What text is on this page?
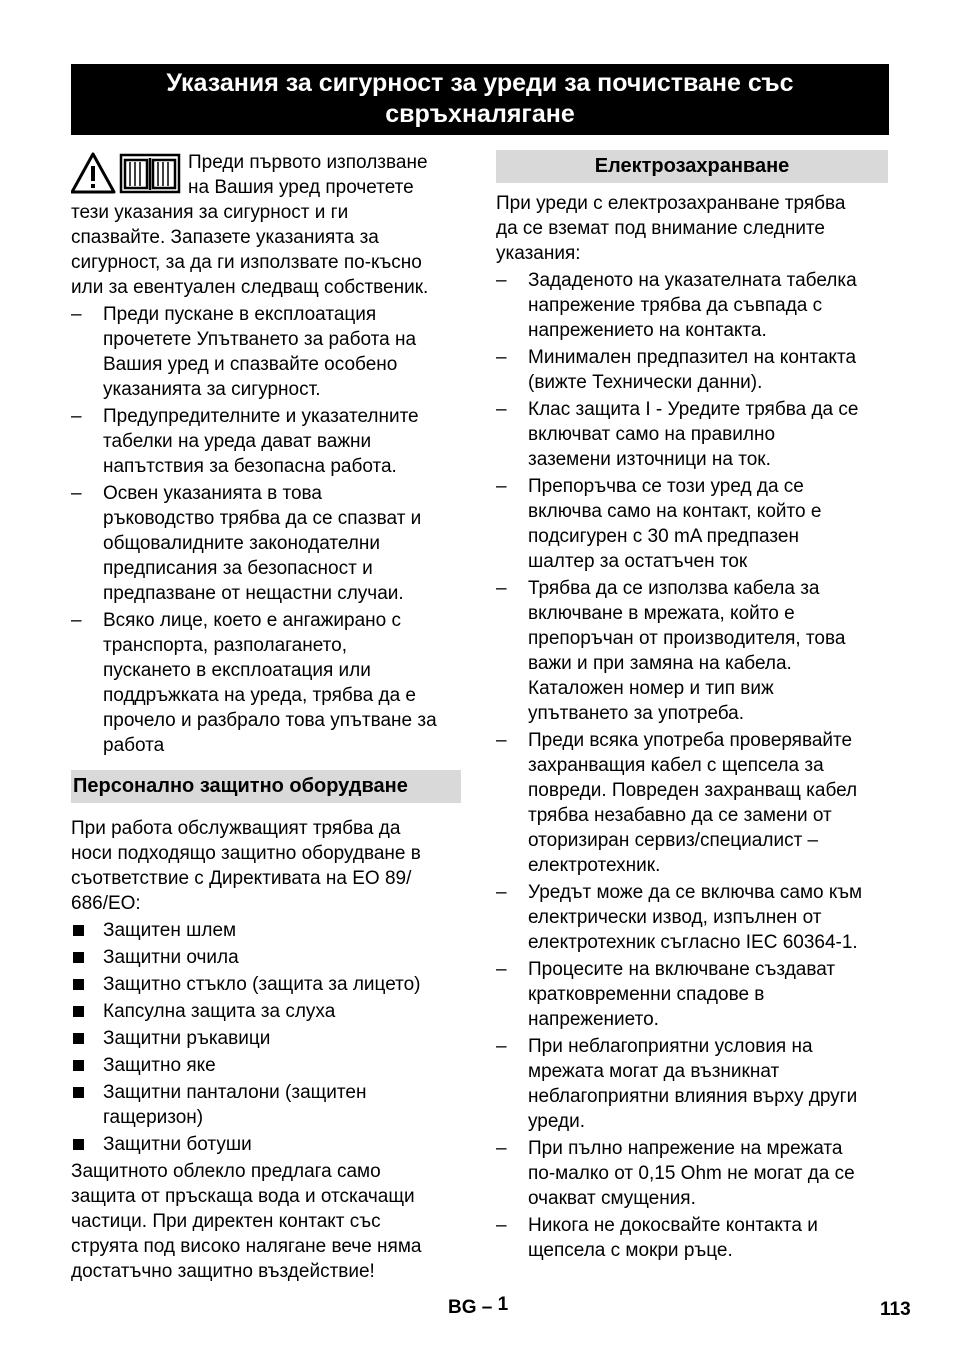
Указания за сигурност за уреди за почистване със
свръхналягане

Преди първото използване
на Вашия уред прочетете
тези указания за сигурност и ги
спазвайте. Запазете указанията за
сигурност, за да ги използвате по-късно
или за евентуален следващ собственик.

– Преди пускане в експлоатация
прочетете Упътването за работа на
Вашия уред и спазвайте особено
указанията за сигурност.
– Предупредителните и указателните
табелки на уреда дават важни
напътствия за безопасна работа.
– Освен указанията в това
ръководство трябва да се спазват и
общовалидните законодателни
предписания за безопасност и
предпазване от нещастни случаи.
– Всяко лице, което е ангажирано с
транспорта, разполагането,
пускането в експлоатация или
поддръжката на уреда, трябва да е
прочело и разбрало това упътване за
работа
Персонално защитно оборудване

При работа обслужващият трябва да
носи подходящо защитно оборудване в
съответствие с Директивата на ЕО 89/
686/ЕО:

Защитен шлем
Защитни очила
Защитно стъкло (защита за лицето)
Капсулна защита за слуха
Защитни ръкавици
Защитно яке
Защитни панталони (защитен
гащеризон)
Защитни ботуши

Защитното облекло предлага само
защита от пръскаща вода и отскачащи
частици. При директен контакт със
струята под високо налягане вече няма
достатъчно защитно въздействие!

Електрозахранване

При уреди с електрозахранване трябва
да се вземат под внимание следните
указания:

– Зададеното на указателната табелка
напрежение трябва да съвпада с
напрежението на контакта.
– Минимален предпазител на контакта
(вижте Технически данни).
– Клас защита I - Уредите трябва да се
включват само на правилно
заземени източници на ток.
– Препоръчва се този уред да се
включва само на контакт, който е
подсигурен с 30 mA предпазен
шалтер за остатъчен ток
– Трябва да се използва кабела за
включване в мрежата, който е
препоръчан от производителя, това
важи и при замяна на кабела.
Каталожен номер и тип виж
упътването за употреба.
– Преди всяка употреба проверявайте
захранващия кабел с щепсела за
повреди. Повреден захранващ кабел
трябва незабавно да се замени от
оторизиран сервиз/специалист –
електротехник.
– Уредът може да се включва само към
електрически извод, изпълнен от
електротехник съгласно IEC 60364-1.
– Процесите на включване създават
кратковременни спадове в
напрежението.
– При неблагоприятни условия на
мрежата могат да възникнат
неблагоприятни влияния върху други
уреди.
– При пълно напрежение на мрежата
по-малко от 0,15 Ohm не могат да се
очакват смущения.
– Никога не докосвайте контакта и
щепсела с мокри ръце.
BG – 1	113
